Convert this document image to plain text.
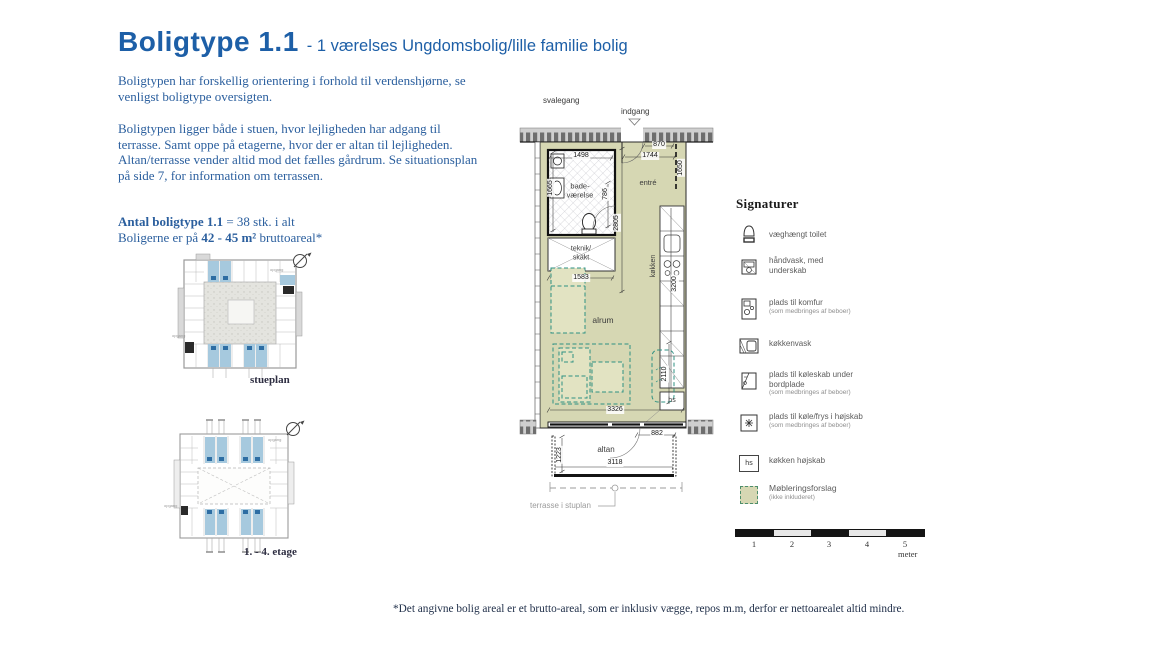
Boligtype 1.1 - 1 værelses Ungdomsbolig/lille familie bolig
Boligtypen har forskellig orientering i forhold til verdenshjørne, se venligst boligtype oversigten.
Boligtypen ligger både i stuen, hvor lejligheden har adgang til terrasse. Samt oppe på etagerne, hvor der er altan til lejligheden. Altan/terrasse vender altid mod det fælles gårdrum. Se situationsplan på side 7, for information om terrassen.
Antal boligtype 1.1 = 38 stk. i alt
Boligerne er på 42 - 45 m² bruttoareal*
opgang
opgang
stueplan
opgang
opgang
1. - 4. etage
svalegang
indgang
bade-
værelse
entré
teknik/
skakt	køkken
alrum
hs
altan
terrasse i stuplan
1498
1665	786
870
1744
1650
2805
1583	3200
2110
3326
882
1223	3118
Signaturer
væghængt toilet
håndvask, med underskab
plads til komfur
(som medbringes af beboer)
køkkenvask
plads til køleskab under bordplade
(som medbringes af beboer)
plads til køle/frys i højskab
(som medbringes af beboer)
hs	køkken højskab
Møbleringsforslag
(ikke inkluderet)
1	2	3	4	5
meter
*Det angivne bolig areal er et brutto-areal, som er inklusiv vægge, repos m.m, derfor er nettoarealet altid mindre.
